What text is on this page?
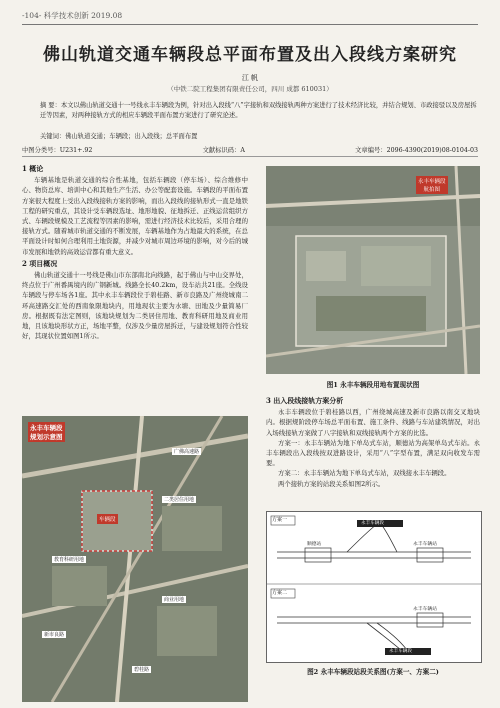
-104- 科学技术创新 2019.08
佛山轨道交通车辆段总平面布置及出入段线方案研究
江 帆
（中铁二院工程集团有限责任公司，四川 成都 610031）
摘 要：本文以佛山轨道交通十一号线永丰车辆段为例，针对出入段线“八”字接轨和双线接轨两种方案进行了技术经济比较，并结合规划、市政接驳以及房屋拆迁等因素，对两种接轨方式的相应车辆段平面布置方案进行了研究论述。
关键词：佛山轨道交通；车辆段；出入段线；总平面布置
中图分类号：U231+.92	文献标识码：A	文章编号：2096-4390(2019)08-0104-03
1 概论

车辆基地是轨道交通的综合性基地，包括车辆段（停车场）、综合维修中心、物资总库、培训中心和其他生产生活、办公等配套设施。车辆段的平面布置方案很大程度上受出入段线接轨方案的影响，而出入段线的接轨形式一直是地铁工程的研究重点，其设计受车辆段选址、地形地貌、征地拆迁、正线运营组织方式、车辆段规模及工艺流程等因素的影响，需进行经济技术比较后，采用合理的接轨方式。随着城市轨道交通的不断发展，车辆基地作为占地最大的系统，在总平面设计时如何合理利用土地资源，并减少对城市周边环境的影响，对今后的城市发展和地铁的高效运营都有重大意义。

2 项目概况

佛山轨道交通十一号线是佛山市东部南北向线路，起于佛山与中山交界处，终点位于广州番禺境内的广钢新城。线路全长40.2km，设车站共21座。全线设车辆段与停车场各1座。其中永丰车辆段位于碧桂路、新市良路及广州绕城南二环高速路交汇处的西南象限地块内，用地现状主要为水塘、田地及少量简易厂房。根据既有法定图则，该地块规划为二类居住用地、教育科研用地及商业用地，且该地块形状方正，场地平整，仅涉及少量房屋拆迁，与建设规划符合性较好，其现状位置如图1所示。

永丰车辆段
规划示意图
广佛高速路
二类居住用地
教育科研用地
商业用地
车辆段
新市良路
碧桂路
永丰车辆段
航拍图
图1 永丰车辆段用地布置现状图
3 出入段线接轨方案分析

永丰车辆段位于碧桂路以西，广州绕城高速及新市良路以南交叉地块内。根据规阶段停车场总平面布置、施工条件、线路与车站建筑情况，对出入场线接轨方案做了八字接轨和双线接轨两个方案的比选。

方案一：永丰车辆站为地下单岛式车站，顺德站为高架单岛式车站。永丰车辆段出入段线按双进路设计，采用“八”字型布置，满足双向收发车需要。

方案二：永丰车辆站为地下单岛式车站，双线接永丰车辆段。

两个接轨方案的站段关系如图2所示。

方案一
方案二
顺德站	永丰车辆站
永丰车辆段
永丰车辆站
永丰车辆段
图2 永丰车辆段站段关系图(方案一、方案二)
